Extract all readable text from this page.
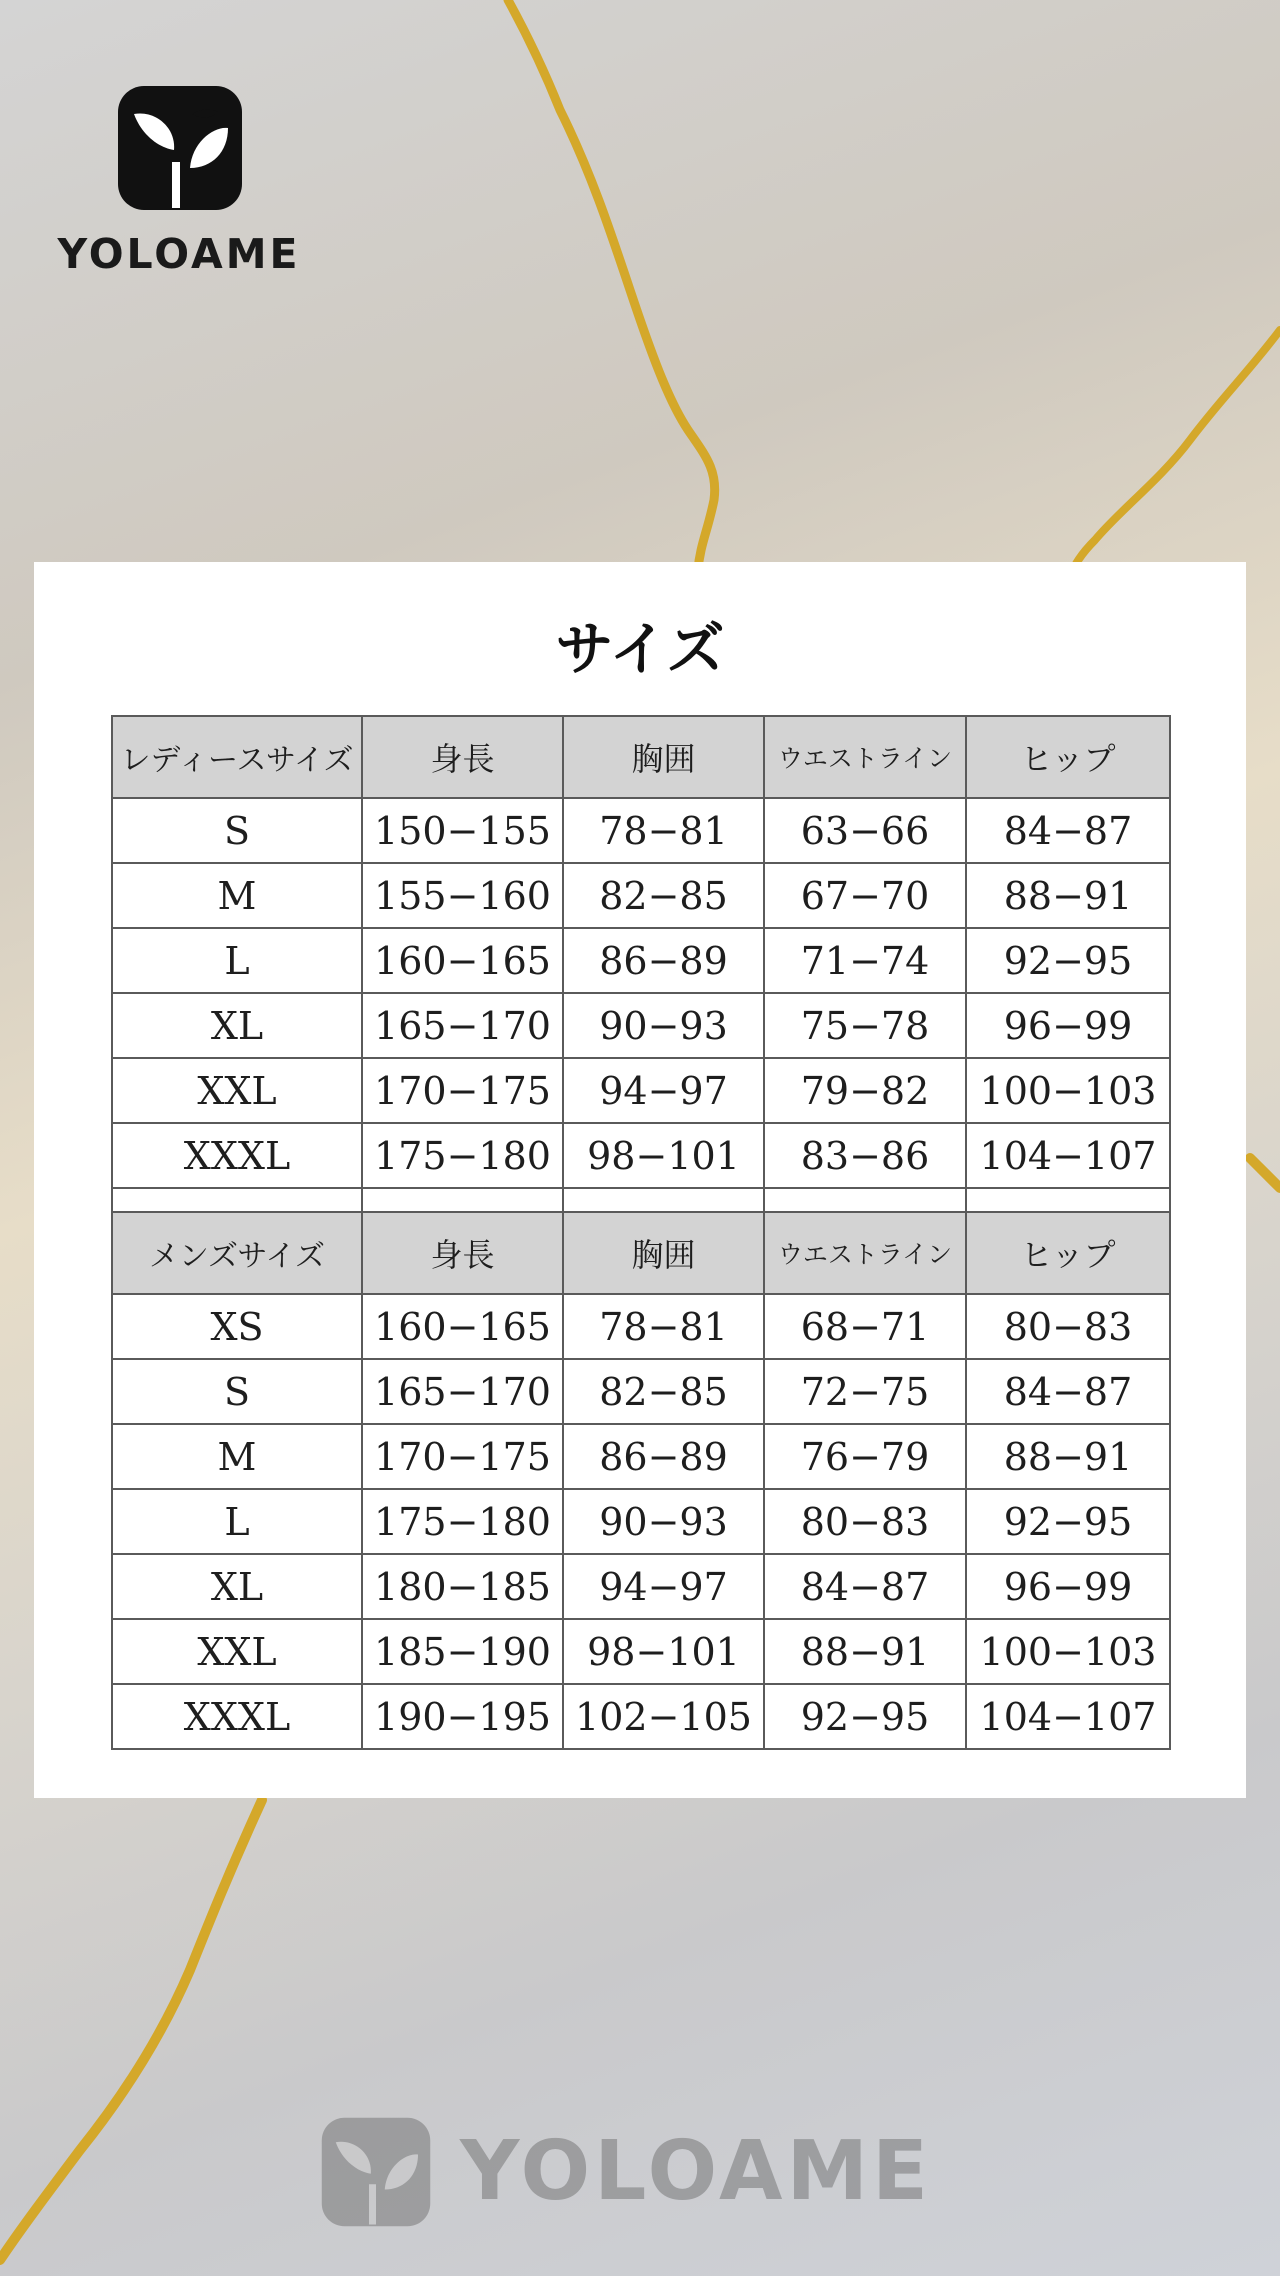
YOLOAME
サイズ
レディースサイズ	身長	胸囲	ウエストライン	ヒップ
S	150−155	78−81	63−66	84−87
M	155−160	82−85	67−70	88−91
L	160−165	86−89	71−74	92−95
XL	165−170	90−93	75−78	96−99
XXL	170−175	94−97	79−82	100−103
XXXL	175−180	98−101	83−86	104−107

メンズサイズ	身長	胸囲	ウエストライン	ヒップ
XS	160−165	78−81	68−71	80−83
S	165−170	82−85	72−75	84−87
M	170−175	86−89	76−79	88−91
L	175−180	90−93	80−83	92−95
XL	180−185	94−97	84−87	96−99
XXL	185−190	98−101	88−91	100−103
XXXL	190−195	102−105	92−95	104−107
YOLOAME
